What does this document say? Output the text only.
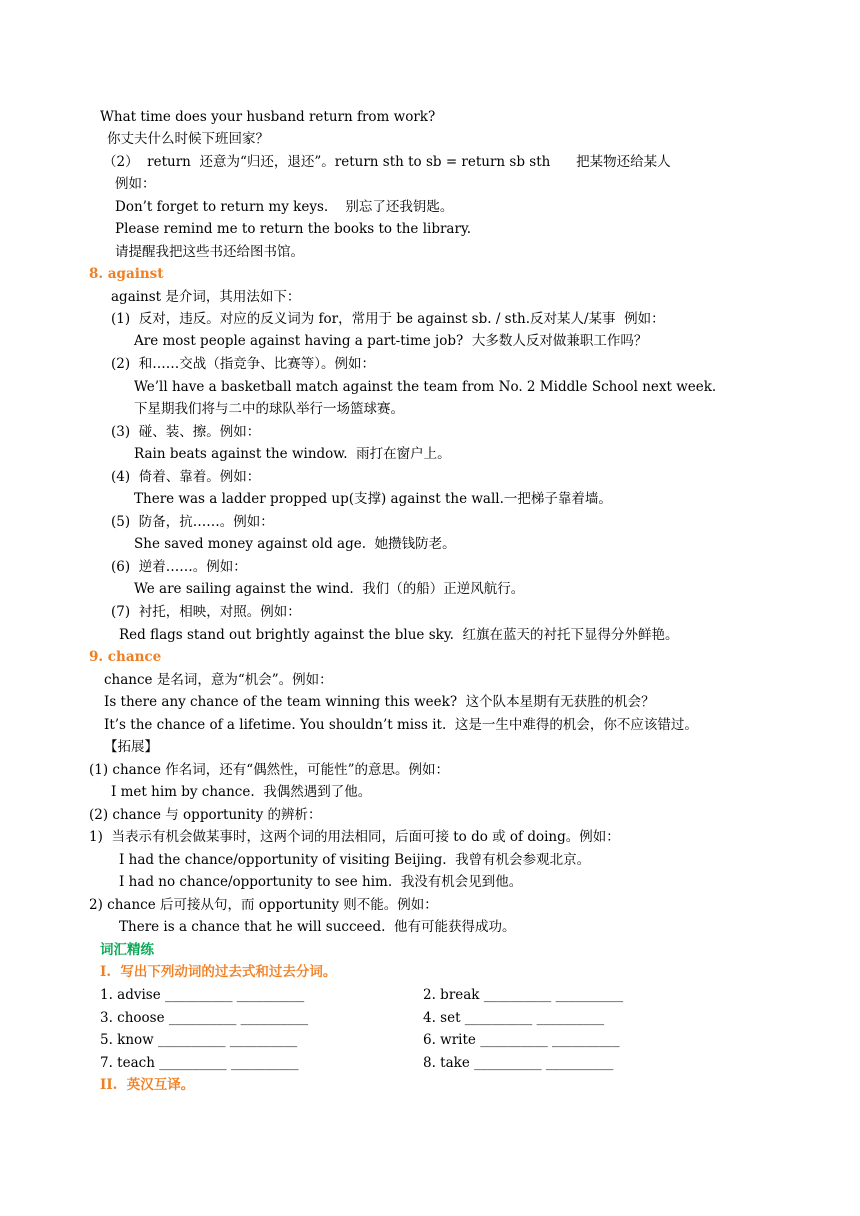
What time does your husband return from work?
你丈夫什么时候下班回家？
（2）  return  还意为“归还，退还”。return sth to sb = return sb sth      把某物还给某人
例如：
Don’t forget to return my keys.    别忘了还我钥匙。
Please remind me to return the books to the library.
请提醒我把这些书还给图书馆。
8. against
against 是介词，其用法如下：
(1)  反对，违反。对应的反义词为 for，常用于 be against sb. / sth.反对某人/某事  例如：
Are most people against having a part-time job?  大多数人反对做兼职工作吗？
(2)  和……交战（指竞争、比赛等）。例如：
We’ll have a basketball match against the team from No. 2 Middle School next week.
下星期我们将与二中的球队举行一场篮球赛。
(3)  碰、装、擦。例如：
Rain beats against the window.  雨打在窗户上。
(4)  倚着、靠着。例如：
There was a ladder propped up(支撑) against the wall.一把梯子靠着墙。
(5)  防备，抗……。例如：
She saved money against old age.  她攒钱防老。
(6)  逆着……。例如：
We are sailing against the wind.  我们（的船）正逆风航行。
(7)  衬托，相映，对照。例如：
Red flags stand out brightly against the blue sky.  红旗在蓝天的衬托下显得分外鲜艳。
9. chance
chance 是名词，意为“机会”。例如：
Is there any chance of the team winning this week?  这个队本星期有无获胜的机会？
It’s the chance of a lifetime. You shouldn’t miss it.  这是一生中难得的机会，你不应该错过。
【拓展】
(1) chance 作名词，还有“偶然性，可能性”的意思。例如：
I met him by chance.  我偶然遇到了他。
(2) chance 与 opportunity 的辨析：
1)  当表示有机会做某事时，这两个词的用法相同，后面可接 to do 或 of doing。例如：
I had the chance/opportunity of visiting Beijing.  我曾有机会参观北京。
I had no chance/opportunity to see him.  我没有机会见到他。
2) chance 后可接从句，而 opportunity 则不能。例如：
There is a chance that he will succeed.  他有可能获得成功。
词汇精练
I.  写出下列动词的过去式和过去分词。
1. advise __________ __________	2. break __________ __________
3. choose __________ __________	4. set __________ __________
5. know __________ __________	6. write __________ __________
7. teach __________ __________	8. take __________ __________
II.  英汉互译。
